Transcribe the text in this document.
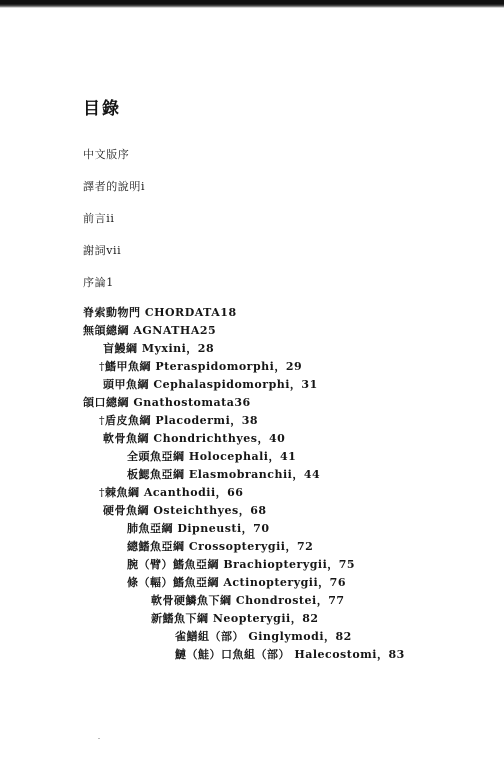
目錄
中文版序
譯者的說明i
前言ii
謝詞vii
序論1
脊索動物門 CHORDATA18
無頜總綱 AGNATHA25
盲鰻綱 Myxini，28
†鰭甲魚綱 Pteraspidomorphi，29
頭甲魚綱 Cephalaspidomorphi，31
頜口總綱 Gnathostomata36
†盾皮魚綱 Placodermi，38
軟骨魚綱 Chondrichthyes，40
全頭魚亞綱 Holocephali，41
板鰓魚亞綱 Elasmobranchii，44
†棘魚綱 Acanthodii，66
硬骨魚綱 Osteichthyes，68
肺魚亞綱 Dipneusti，70
總鰭魚亞綱 Crossopterygii，72
腕（臂）鰭魚亞綱 Brachiopterygii，75
條（輻）鰭魚亞綱 Actinopterygii，76
軟骨硬鱗魚下綱 Chondrostei，77
新鰭魚下綱 Neopterygii，82
雀鱔組（部） Ginglymodi，82
鰱（鮭）口魚組（部） Halecostomi，83
